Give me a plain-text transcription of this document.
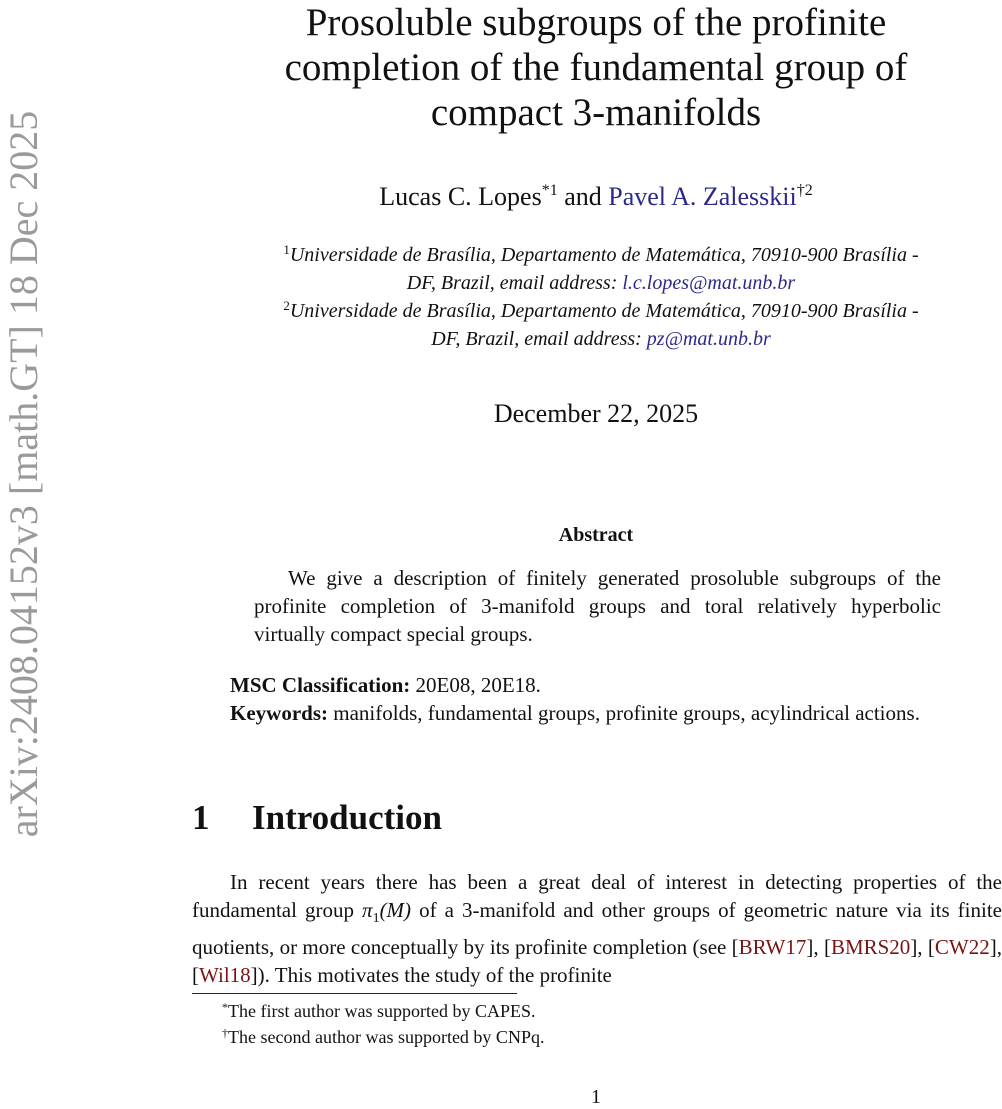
arXiv:2408.04152v3 [math.GT] 18 Dec 2025
Prosoluble subgroups of the profinite
completion of the fundamental group of
compact 3-manifolds
Lucas C. Lopes$^{*1}$ and Pavel A. Zalesskii$^{\dagger 2}$
$^1$Universidade de Brasília, Departamento de Matemática, 70910-900 Brasília -
DF, Brazil, email address: l.c.lopes@mat.unb.br
$^2$Universidade de Brasília, Departamento de Matemática, 70910-900 Brasília -
DF, Brazil, email address: pz@mat.unb.br
December 22, 2025
Abstract
We give a description of finitely generated prosoluble subgroups of the profinite completion of 3-manifold groups and toral relatively hyperbolic virtually compact special groups.

MSC Classification: 20E08, 20E18.

Keywords: manifolds, fundamental groups, profinite groups, acylindrical actions.

1 Introduction
In recent years there has been a great deal of interest in detecting properties of the fundamental group $\pi_1(M)$ of a 3-manifold and other groups of geometric nature via its finite quotients, or more conceptually by its profinite completion (see [BRW17], [BMRS20], [CW22], [Wil18]). This motivates the study of the profinite

*The first author was supported by CAPES.

†The second author was supported by CNPq.

1
